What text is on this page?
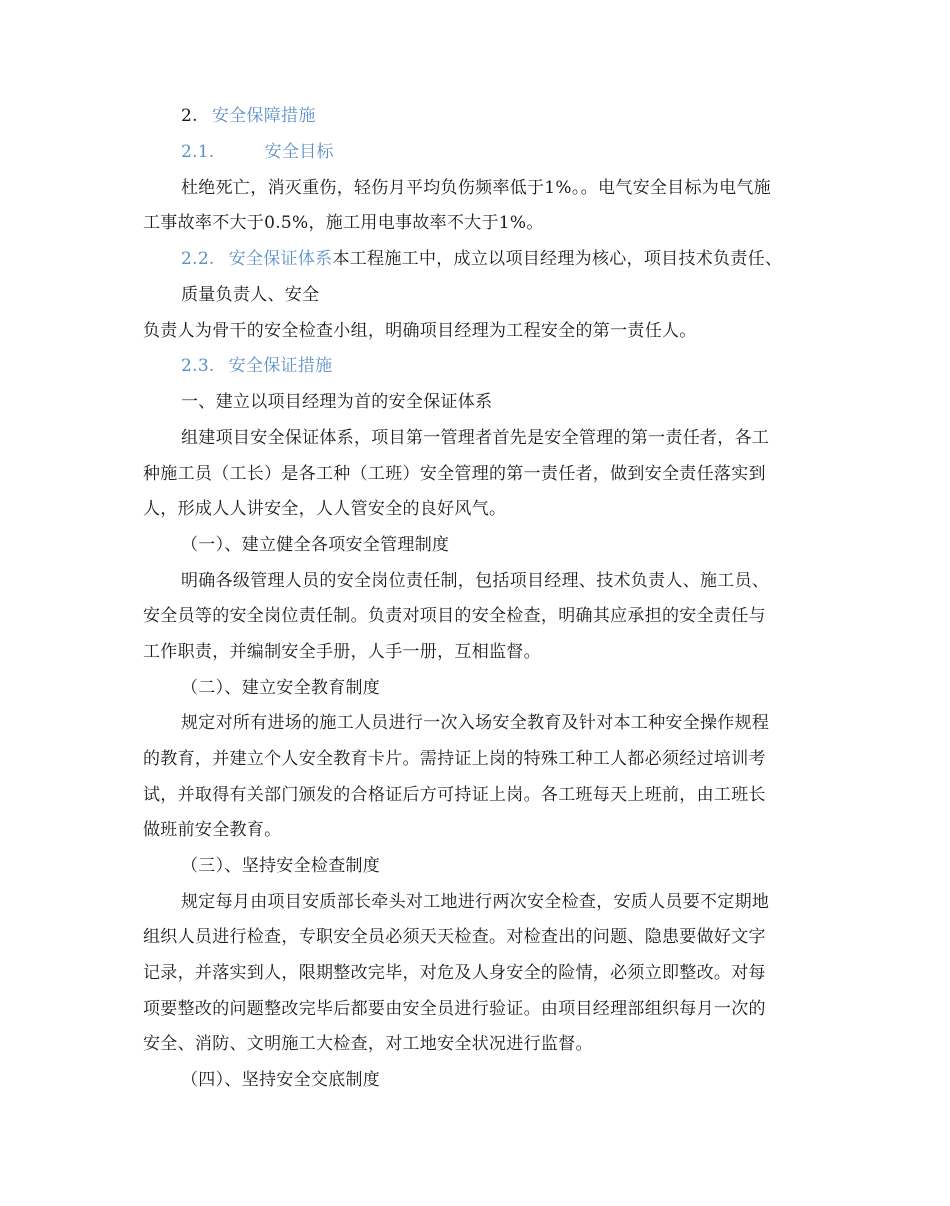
2. 安全保障措施
2.1.	安全目标
杜绝死亡，消灭重伤，轻伤月平均负伤频率低于1%。。电气安全目标为电气施
工事故率不大于0.5%，施工用电事故率不大于1%。
2.2. 安全保证体系本工程施工中，成立以项目经理为核心，项目技术负责任、
质量负责人、安全
负责人为骨干的安全检查小组，明确项目经理为工程安全的第一责任人。
2.3. 安全保证措施
一、建立以项目经理为首的安全保证体系
组建项目安全保证体系，项目第一管理者首先是安全管理的第一责任者，各工
种施工员（工长）是各工种（工班）安全管理的第一责任者，做到安全责任落实到
人，形成人人讲安全，人人管安全的良好风气。
（一）、建立健全各项安全管理制度
明确各级管理人员的安全岗位责任制，包括项目经理、技术负责人、施工员、
安全员等的安全岗位责任制。负责对项目的安全检查，明确其应承担的安全责任与
工作职责，并编制安全手册，人手一册，互相监督。
（二）、建立安全教育制度
规定对所有进场的施工人员进行一次入场安全教育及针对本工种安全操作规程
的教育，并建立个人安全教育卡片。需持证上岗的特殊工种工人都必须经过培训考
试，并取得有关部门颁发的合格证后方可持证上岗。各工班每天上班前，由工班长
做班前安全教育。
（三）、坚持安全检查制度
规定每月由项目安质部长牵头对工地进行两次安全检查，安质人员要不定期地
组织人员进行检查，专职安全员必须天天检查。对检查出的问题、隐患要做好文字
记录，并落实到人，限期整改完毕，对危及人身安全的险情，必须立即整改。对每
项要整改的问题整改完毕后都要由安全员进行验证。由项目经理部组织每月一次的
安全、消防、文明施工大检查，对工地安全状况进行监督。
（四）、坚持安全交底制度
